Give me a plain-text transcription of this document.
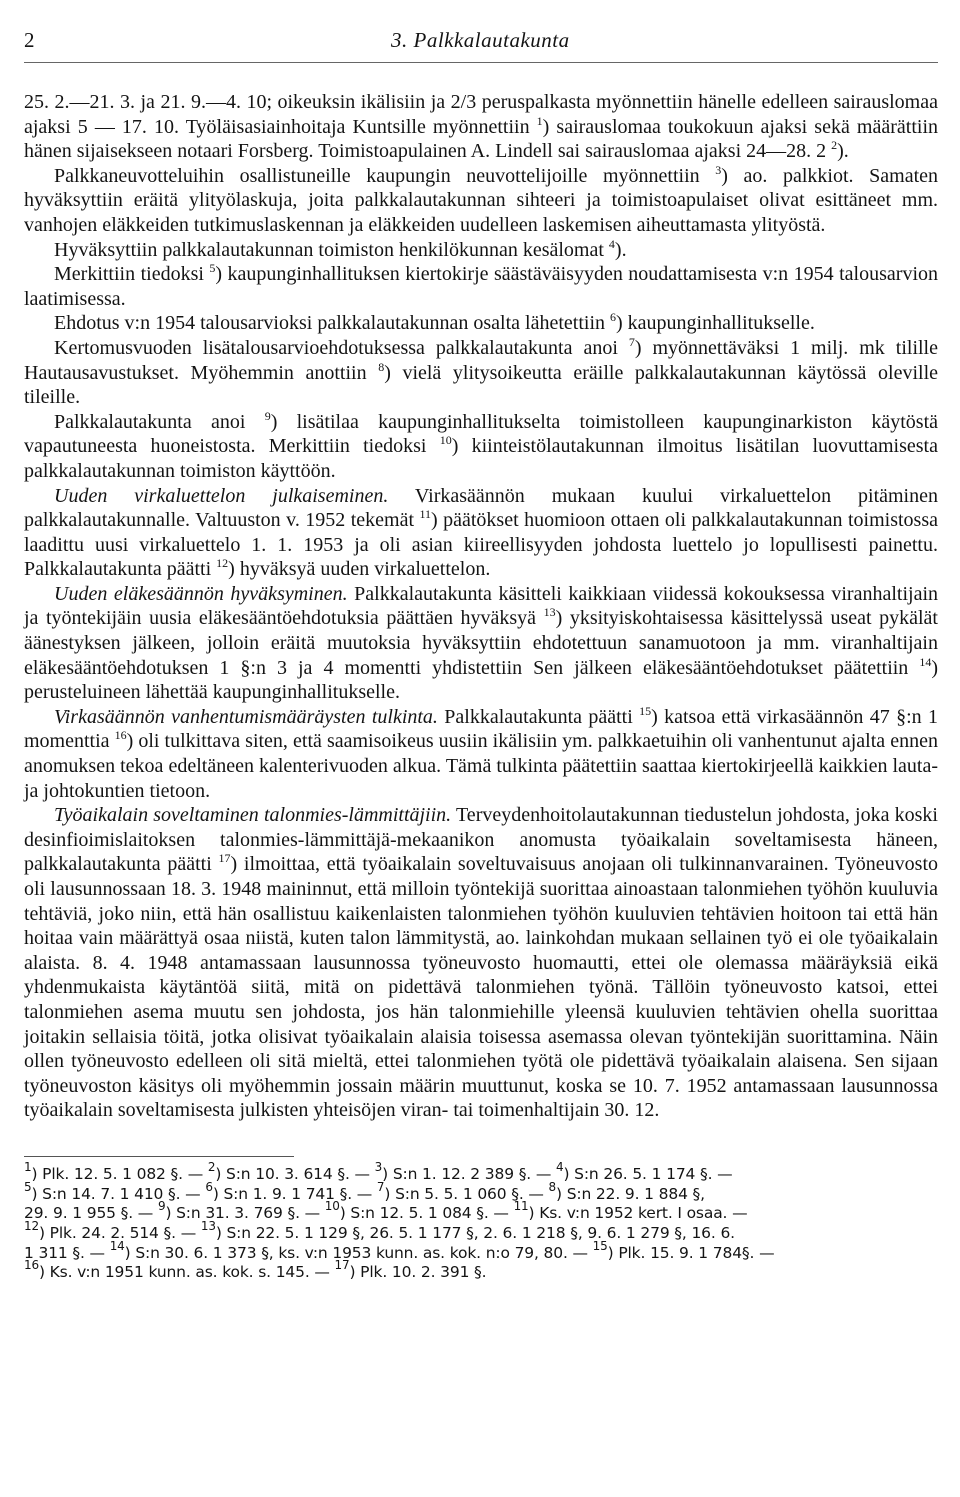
2	3. Palkkalautakunta

25. 2.—21. 3. ja 21. 9.—4. 10; oikeuksin ikälisiin ja 2/3 peruspalkasta myönnettiin hänelle edelleen sairauslomaa ajaksi 5 — 17. 10. Työläisasiainhoitaja Kuntsille myönnettiin $^1$) sairauslomaa toukokuun ajaksi sekä määrättiin hänen sijaisekseen notaari Forsberg. Toimistoapulainen A. Lindell sai sairauslomaa ajaksi 24—28. 2 $^2$).

Palkkaneuvotteluihin osallistuneille kaupungin neuvottelijoille myönnettiin $^3$) ao. palkkiot. Samaten hyväksyttiin eräitä ylityölaskuja, joita palkkalautakunnan sihteeri ja toimistoapulaiset olivat esittäneet mm. vanhojen eläkkeiden tutkimuslaskennan ja eläkkeiden uudelleen laskemisen aiheuttamasta ylityöstä.

Hyväksyttiin palkkalautakunnan toimiston henkilökunnan kesälomat $^4$).

Merkittiin tiedoksi $^5$) kaupunginhallituksen kiertokirje säästäväisyyden noudattamisesta v:n 1954 talousarvion laatimisessa.

Ehdotus v:n 1954 talousarvioksi palkkalautakunnan osalta lähetettiin $^6$) kaupunginhallitukselle.

Kertomusvuoden lisätalousarvioehdotuksessa palkkalautakunta anoi $^7$) myönnettäväksi 1 milj. mk tilille Hautausavustukset. Myöhemmin anottiin $^8$) vielä ylitysoikeutta eräille palkkalautakunnan käytössä oleville tileille.

Palkkalautakunta anoi $^9$) lisätilaa kaupunginhallitukselta toimistolleen kaupunginarkiston käytöstä vapautuneesta huoneistosta. Merkittiin tiedoksi $^{10}$) kiinteistölautakunnan ilmoitus lisätilan luovuttamisesta palkkalautakunnan toimiston käyttöön.

Uuden virkaluettelon julkaiseminen. Virkasäännön mukaan kuului virkaluettelon pitäminen palkkalautakunnalle. Valtuuston v. 1952 tekemät $^{11}$) päätökset huomioon ottaen oli palkkalautakunnan toimistossa laadittu uusi virkaluettelo 1. 1. 1953 ja oli asian kiireellisyyden johdosta luettelo jo lopullisesti painettu. Palkkalautakunta päätti $^{12}$) hyväksyä uuden virkaluettelon.

Uuden eläkesäännön hyväksyminen. Palkkalautakunta käsitteli kaikkiaan viidessä kokouksessa viranhaltijain ja työntekijäin uusia eläkesääntöehdotuksia päättäen hyväksyä $^{13}$) yksityiskohtaisessa käsittelyssä useat pykälät äänestyksen jälkeen, jolloin eräitä muutoksia hyväksyttiin ehdotettuun sanamuotoon ja mm. viranhaltijain eläkesääntöehdotuksen 1 §:n 3 ja 4 momentti yhdistettiin Sen jälkeen eläkesääntöehdotukset päätettiin $^{14}$) perusteluineen lähettää kaupunginhallitukselle.

Virkasäännön vanhentumismääräysten tulkinta. Palkkalautakunta päätti $^{15}$) katsoa että virkasäännön 47 §:n 1 momenttia $^{16}$) oli tulkittava siten, että saamisoikeus uusiin ikälisiin ym. palkkaetuihin oli vanhentunut ajalta ennen anomuksen tekoa edeltäneen kalenterivuoden alkua. Tämä tulkinta päätettiin saattaa kiertokirjeellä kaikkien lauta- ja johtokuntien tietoon.

Työaikalain soveltaminen talonmies-lämmittäjiin. Terveydenhoitolautakunnan tiedustelun johdosta, joka koski desinfioimislaitoksen talonmies-lämmittäjä-mekaanikon anomusta työaikalain soveltamisesta häneen, palkkalautakunta päätti $^{17}$) ilmoittaa, että työaikalain soveltuvaisuus anojaan oli tulkinnanvarainen. Työneuvosto oli lausunnossaan 18. 3. 1948 maininnut, että milloin työntekijä suorittaa ainoastaan talonmiehen työhön kuuluvia tehtäviä, joko niin, että hän osallistuu kaikenlaisten talonmiehen työhön kuuluvien tehtävien hoitoon tai että hän hoitaa vain määrättyä osaa niistä, kuten talon lämmitystä, ao. lainkohdan mukaan sellainen työ ei ole työaikalain alaista. 8. 4. 1948 antamassaan lausunnossa työneuvosto huomautti, ettei ole olemassa määräyksiä eikä yhdenmukaista käytäntöä siitä, mitä on pidettävä talonmiehen työnä. Tällöin työneuvosto katsoi, ettei talonmiehen asema muutu sen johdosta, jos hän talonmiehille yleensä kuuluvien tehtävien ohella suorittaa joitakin sellaisia töitä, jotka olisivat työaikalain alaisia toisessa asemassa olevan työntekijän suorittamina. Näin ollen työneuvosto edelleen oli sitä mieltä, ettei talonmiehen työtä ole pidettävä työaikalain alaisena. Sen sijaan työneuvoston käsitys oli myöhemmin jossain määrin muuttunut, koska se 10. 7. 1952 antamassaan lausunnossa työaikalain soveltamisesta julkisten yhteisöjen viran- tai toimenhaltijain 30. 12.

$^1$) Plk. 12. 5. 1 082 §. — $^2$) S:n 10. 3. 614 §. — $^3$) S:n 1. 12. 2 389 §. — $^4$) S:n 26. 5. 1 174 §. —

$^5$) S:n 14. 7. 1 410 §. — $^6$) S:n 1. 9. 1 741 §. — $^7$) S:n 5. 5. 1 060 §. — $^8$) S:n 22. 9. 1 884 §,

29. 9. 1 955 §. — $^9$) S:n 31. 3. 769 §. — $^{10}$) S:n 12. 5. 1 084 §. — $^{11}$) Ks. v:n 1952 kert. I osaa. —

$^{12}$) Plk. 24. 2. 514 §. — $^{13}$) S:n 22. 5. 1 129 §, 26. 5. 1 177 §, 2. 6. 1 218 §, 9. 6. 1 279 §, 16. 6.

1 311 §. — $^{14}$) S:n 30. 6. 1 373 §, ks. v:n 1953 kunn. as. kok. n:o 79, 80. — $^{15}$) Plk. 15. 9. 1 784§. —

$^{16}$) Ks. v:n 1951 kunn. as. kok. s. 145. — $^{17}$) Plk. 10. 2. 391 §.
